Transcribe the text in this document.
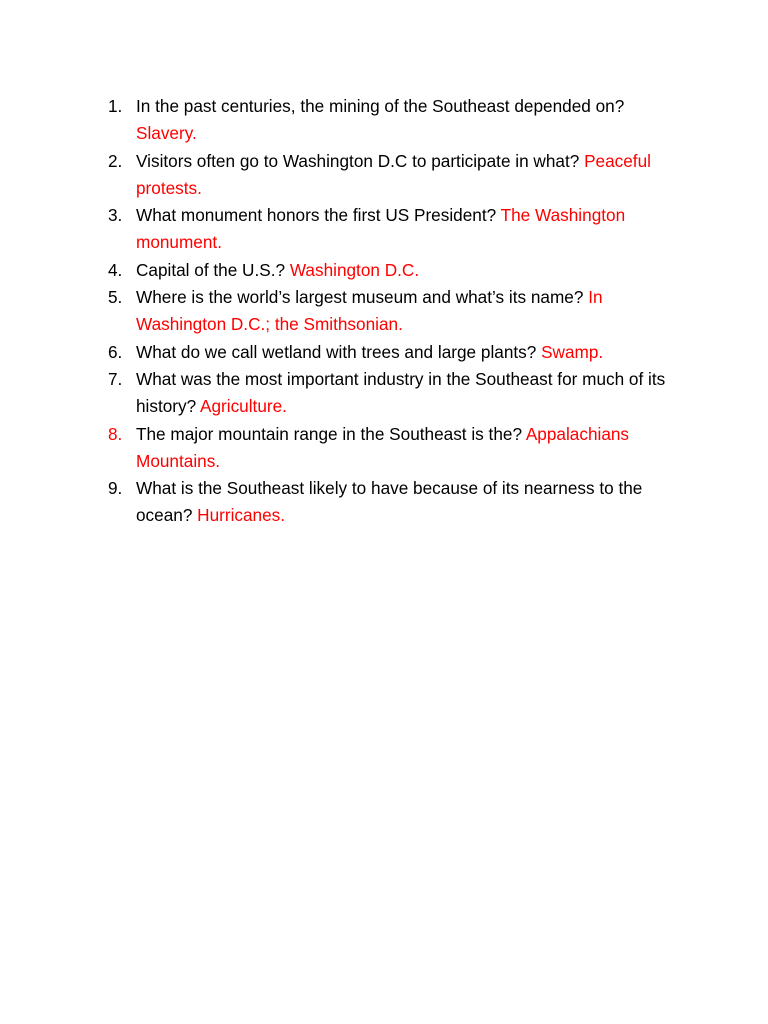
1. In the past centuries, the mining of the Southeast depended on? Slavery.
2. Visitors often go to Washington D.C to participate in what? Peaceful protests.
3. What monument honors the first US President? The Washington monument.
4. Capital of the U.S.? Washington D.C.
5. Where is the world’s largest museum and what’s its name? In Washington D.C.; the Smithsonian.
6. What do we call wetland with trees and large plants? Swamp.
7. What was the most important industry in the Southeast for much of its history? Agriculture.
8. The major mountain range in the Southeast is the? Appalachians Mountains.
9. What is the Southeast likely to have because of its nearness to the ocean? Hurricanes.
